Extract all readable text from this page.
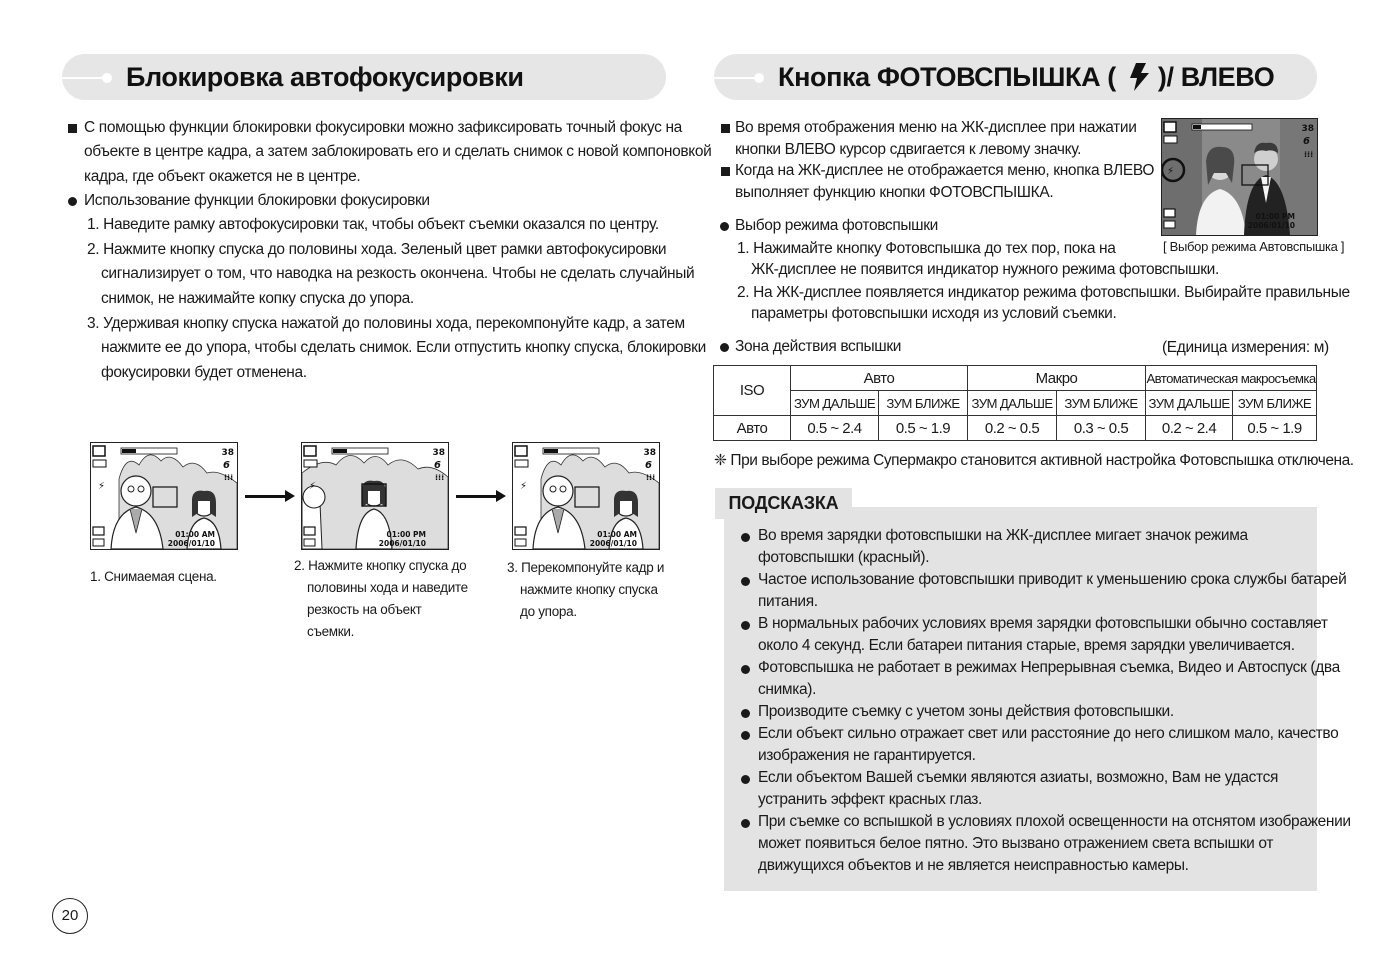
Блокировка автофокусировки
С помощью функции блокировки фокусировки можно зафиксировать точный фокус на
объекте в центре кадра, а затем заблокировать его и сделать снимок с новой компоновкой
кадра, где объект окажется не в центре.
Использование функции блокировки фокусировки
1. Наведите рамку автофокусировки так, чтобы объект съемки оказался по центру.
2. Нажмите кнопку спуска до половины хода. Зеленый цвет рамки автофокусировки
сигнализирует о том, что наводка на резкость окончена. Чтобы не сделать случайный
снимок, не нажимайте копку спуска до упора.
3. Удерживая кнопку спуска нажатой до половины хода, перекомпонуйте кадр, а затем
нажмите ее до упора, чтобы сделать снимок. Если отпустить кнопку спуска, блокировки
фокусировки будет отменена.
⚡
38
6
⁞⁞⁞
01:00 AM
2006/01/10
⚡
38
6
⁞⁞⁞
01:00 PM
2006/01/10
⚡
38
6
⁞⁞⁞
01:00 AM
2006/01/10
1. Снимаемая сцена.
2. Нажмите кнопку спуска до
половины хода и наведите
резкость на объект
съемки.
3. Перекомпонуйте кадр и
нажмите кнопку спуска
до упора.
20
Кнопка ФОТОВСПЫШКА ( )/ ВЛЕВО
Во время отображения меню на ЖК-дисплее при нажатии
кнопки ВЛЕВО курсор сдвигается к левому значку.
Когда на ЖК-дисплее не отображается меню, кнопка ВЛЕВО
выполняет функцию кнопки ФОТОВСПЫШКА.
⚡
38
6
⁞⁞⁞
01:00 PM
2006/01/10
[ Выбор режима Автовспышка ]
Выбор режима фотовспышки
1. Нажимайте кнопку Фотовспышка до тех пор, пока на
ЖК-дисплее не появится индикатор нужного режима фотовспышки.
2. На ЖК-дисплее появляется индикатор режима фотовспышки. Выбирайте правильные
параметры фотовспышки исходя из условий съемки.
Зона действия вспышки	(Единица измерения: м)
ISO	Авто		Макро		Автоматическая макросъемка	
	ЗУМ ДАЛЬШЕ	ЗУМ БЛИЖЕ	ЗУМ ДАЛЬШЕ	ЗУМ БЛИЖЕ	ЗУМ ДАЛЬШЕ	ЗУМ БЛИЖЕ
Авто	0.5 ~ 2.4	0.5 ~ 1.9	0.2 ~ 0.5	0.3 ~ 0.5	0.2 ~ 2.4	0.5 ~ 1.9
❈ При выборе режима Супермакро становится активной настройка Фотовспышка отключена.
ПОДСКАЗКА
Во время зарядки фотовспышки на ЖК-дисплее мигает значок режима
фотовспышки (красный).
Частое использование фотовспышки приводит к уменьшению срока службы батарей
питания.
В нормальных рабочих условиях время зарядки фотовспышки обычно составляет
около 4 секунд. Если батареи питания старые, время зарядки увеличивается.
Фотовспышка не работает в режимах Непрерывная съемка, Видео и Автоспуск (два
снимка).
Производите съемку с учетом зоны действия фотовспышки.
Если объект сильно отражает свет или расстояние до него слишком мало, качество
изображения не гарантируется.
Если объектом Вашей съемки являются азиаты, возможно, Вам не удастся
устранить эффект красных глаз.
При съемке со вспышкой в условиях плохой освещенности на отснятом изображении
может появиться белое пятно. Это вызвано отражением света вспышки от
движущихся объектов и не является неисправностью камеры.
